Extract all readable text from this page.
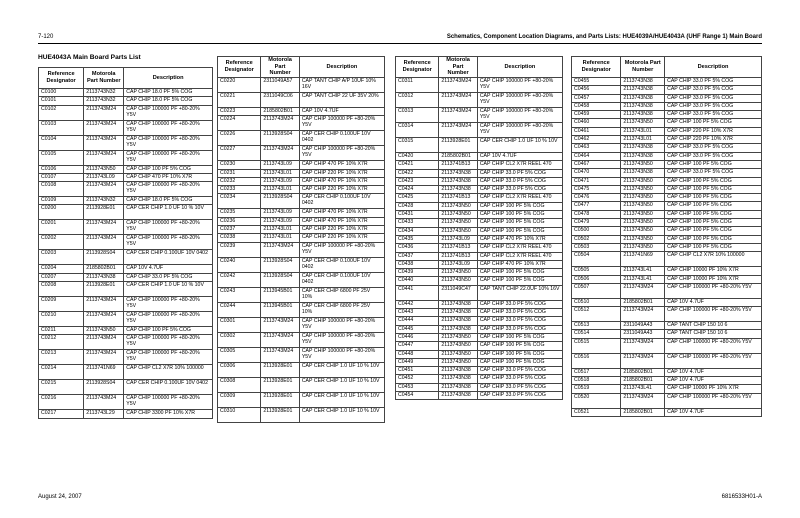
7-120	Schematics, Component Location Diagrams, and Parts Lists: HUE4039A/HUE4043A (UHF Range 1) Main Board
HUE4043A Main Board Parts List
Reference Designator	Motorola Part Number	Description
C0100	2113743N32	CAP CHIP 18.0 PF 5% COG
C0101	2113743N32	CAP CHIP 18.0 PF 5% COG
C0102	2113743M24	CAP CHIP 100000 PF +80-20% Y5V
C0103	2113743M24	CAP CHIP 100000 PF +80-20% Y5V
C0104	2113743M24	CAP CHIP 100000 PF +80-20% Y5V
C0105	2113743M24	CAP CHIP 100000 PF +80-20% Y5V
C0106	2113743N50	CAP CHIP 100 PF 5% COG
C0107	2113743L09	CAP CHIP 470 PF 10% X7R
C0108	2113743M24	CAP CHIP 100000 PF +80-20% Y5V
C0109	2113743N32	CAP CHIP 18.0 PF 5% COG
C0200	2113928E01	CAP CER CHIP 1.0 UF 10 % 10V
C0201	2113743M24	CAP CHIP 100000 PF +80-20% Y5V
C0202	2113743M24	CAP CHIP 100000 PF +80-20% Y5V
C0203	2113928S04	CAP CER CHIP 0.100UF 10V 0402
C0204	2185802B01	CAP 10V 4.7UF
C0207	2113743N38	CAP CHIP 33.0 PF 5% COG
C0208	2113928E01	CAP CER CHIP 1.0 UF 10 % 10V
C0209	2113743M24	CAP CHIP 100000 PF +80-20% Y5V
C0210	2113743M24	CAP CHIP 100000 PF +80-20% Y5V
C0211	2113743N50	CAP CHIP 100 PF 5% COG
C0212	2113743M24	CAP CHIP 100000 PF +80-20% Y5V
C0213	2113743M24	CAP CHIP 100000 PF +80-20% Y5V
C0214	2113741N69	CAP CHIP CL2 X7R 10% 100000
C0215	2113928S04	CAP CER CHIP 0.100UF 10V 0402
C0216	2113743M24	CAP CHIP 100000 PF +80-20% Y5V
C0217	2113743L29	CAP CHIP 3300 PF 10% X7R
Reference Designator	Motorola Part Number	Description
C0220	2311049A57	CAP TANT CHIP A/P 10UF 10% 16V
C0221	2311049C06	CAP TANT CHIP 22 UF 35V 20%
C0223	2185802B01	CAP 10V 4.7UF
C0224	2113743M24	CAP CHIP 100000 PF +80-20% Y5V
C0226	2113928S04	CAP CER CHIP 0.100UF 10V 0402
C0227	2113743M24	CAP CHIP 100000 PF +80-20% Y5V
C0230	2113743L09	CAP CHIP 470 PF 10% X7R
C0231	2113743L01	CAP CHIP 220 PF 10% X7R
C0232	2113743L09	CAP CHIP 470 PF 10% X7R
C0233	2113743L01	CAP CHIP 220 PF 10% X7R
C0234	2113928S04	CAP CER CHIP 0.100UF 10V 0402
C0235	2113743L09	CAP CHIP 470 PF 10% X7R
C0236	2113743L09	CAP CHIP 470 PF 10% X7R
C0237	2113743L01	CAP CHIP 220 PF 10% X7R
C0238	2113743L01	CAP CHIP 220 PF 10% X7R
C0239	2113743M24	CAP CHIP 100000 PF +80-20% Y5V
C0240	2113928S04	CAP CER CHIP 0.100UF 10V 0402
C0242	2113928S04	CAP CER CHIP 0.100UF 10V 0402
C0243	2113945B01	CAP CER CHIP 6800 PF 25V 10%
C0244	2113945B01	CAP CER CHIP 6800 PF 25V 10%
C0301	2113743M24	CAP CHIP 100000 PF +80-20% Y5V
C0302	2113743M24	CAP CHIP 100000 PF +80-20% Y5V
C0305	2113743M24	CAP CHIP 100000 PF +80-20% Y5V
C0306	2113928E01	CAP CER CHIP 1.0 UF 10 % 10V
C0308	2113928E01	CAP CER CHIP 1.0 UF 10 % 10V
C0309	2113928E01	CAP CER CHIP 1.0 UF 10 % 10V
C0310	2113928E01	CAP CER CHIP 1.0 UF 10 % 10V
Reference Designator	Motorola Part Number	Description
C0311	2113743M24	CAP CHIP 100000 PF +80-20% Y5V
C0312	2113743M24	CAP CHIP 100000 PF +80-20% Y5V
C0313	2113743M24	CAP CHIP 100000 PF +80-20% Y5V
C0314	2113743M24	CAP CHIP 100000 PF +80-20% Y5V
C0315	2113928E01	CAP CER CHIP 1.0 UF 10 % 10V
C0420	2185802B01	CAP 10V 4.7UF
C0421	2113741B13	CAP CHIP CL2 X7R REEL 470
C0422	2113743N38	CAP CHIP 33.0 PF 5% COG
C0423	2113743N38	CAP CHIP 33.0 PF 5% COG
C0424	2113743N38	CAP CHIP 33.0 PF 5% COG
C0425	2113741B13	CAP CHIP CL2 X7R REEL 470
C0428	2113743N50	CAP CHIP 100 PF 5% COG
C0431	2113743N50	CAP CHIP 100 PF 5% COG
C0433	2113743N50	CAP CHIP 100 PF 5% COG
C0434	2113743N50	CAP CHIP 100 PF 5% COG
C0435	2113743L09	CAP CHIP 470 PF 10% X7R
C0436	2113741B13	CAP CHIP CL2 X7R REEL 470
C0437	2113741B13	CAP CHIP CL2 X7R REEL 470
C0438	2113743L09	CAP CHIP 470 PF 10% X7R
C0439	2113743N50	CAP CHIP 100 PF 5% COG
C0440	2113743N50	CAP CHIP 100 PF 5% COG
C0441	2311049C47	CAP TANT CHIP 22.0UF 10% 16V
C0442	2113743N38	CAP CHIP 33.0 PF 5% COG
C0443	2113743N38	CAP CHIP 33.0 PF 5% COG
C0444	2113743N38	CAP CHIP 33.0 PF 5% COG
C0445	2113743N38	CAP CHIP 33.0 PF 5% COG
C0446	2113743N50	CAP CHIP 100 PF 5% COG
C0447	2113743N50	CAP CHIP 100 PF 5% COG
C0448	2113743N50	CAP CHIP 100 PF 5% COG
C0449	2113743N50	CAP CHIP 100 PF 5% COG
C0451	2113743N38	CAP CHIP 33.0 PF 5% COG
C0452	2113743N38	CAP CHIP 33.0 PF 5% COG
C0453	2113743N38	CAP CHIP 33.0 PF 5% COG
C0454	2113743N38	CAP CHIP 33.0 PF 5% COG
Reference Designator	Motorola Part Number	Description
C0455	2113743N38	CAP CHIP 33.0 PF 5% COG
C0456	2113743N38	CAP CHIP 33.0 PF 5% COG
C0457	2113743N38	CAP CHIP 33.0 PF 5% COG
C0458	2113743N38	CAP CHIP 33.0 PF 5% COG
C0459	2113743N38	CAP CHIP 33.0 PF 5% COG
C0460	2113743N50	CAP CHIP 100 PF 5% COG
C0461	2113743L01	CAP CHIP 220 PF 10% X7R
C0462	2113743L01	CAP CHIP 220 PF 10% X7R
C0463	2113743N38	CAP CHIP 33.0 PF 5% COG
C0464	2113743N38	CAP CHIP 33.0 PF 5% COG
C0467	2113743N50	CAP CHIP 100 PF 5% COG
C0470	2113743N38	CAP CHIP 33.0 PF 5% COG
C0471	2113743N50	CAP CHIP 100 PF 5% COG
C0475	2113743N50	CAP CHIP 100 PF 5% COG
C0476	2113743N50	CAP CHIP 100 PF 5% COG
C0477	2113743N50	CAP CHIP 100 PF 5% COG
C0478	2113743N50	CAP CHIP 100 PF 5% COG
C0479	2113743N50	CAP CHIP 100 PF 5% COG
C0500	2113743N50	CAP CHIP 100 PF 5% COG
C0502	2113743N50	CAP CHIP 100 PF 5% COG
C0503	2113743N50	CAP CHIP 100 PF 5% COG
C0504	2113741N69	CAP CHIP CL2 X7R 10% 100000
C0505	2113743L41	CAP CHIP 10000 PF 10% X7R
C0506	2113743L41	CAP CHIP 10000 PF 10% X7R
C0507	2113743M24	CAP CHIP 100000 PF +80-20% Y5V
C0510	2185802B01	CAP 10V 4.7UF
C0512	2113743M24	CAP CHIP 100000 PF +80-20% Y5V
C0513	2311049A43	CAP TANT CHIP 150 10 6
C0514	2311049A43	CAP TANT CHIP 150 10 6
C0515	2113743M24	CAP CHIP 100000 PF +80-20% Y5V
C0516	2113743M24	CAP CHIP 100000 PF +80-20% Y5V
C0517	2185802B01	CAP 10V 4.7UF
C0518	2185802B01	CAP 10V 4.7UF
C0519	2113743L41	CAP CHIP 10000 PF 10% X7R
C0520	2113743M24	CAP CHIP 100000 PF +80-20% Y5V
C0521	2185802B01	CAP 10V 4.7UF
August 24, 2007	6816533H01-A
